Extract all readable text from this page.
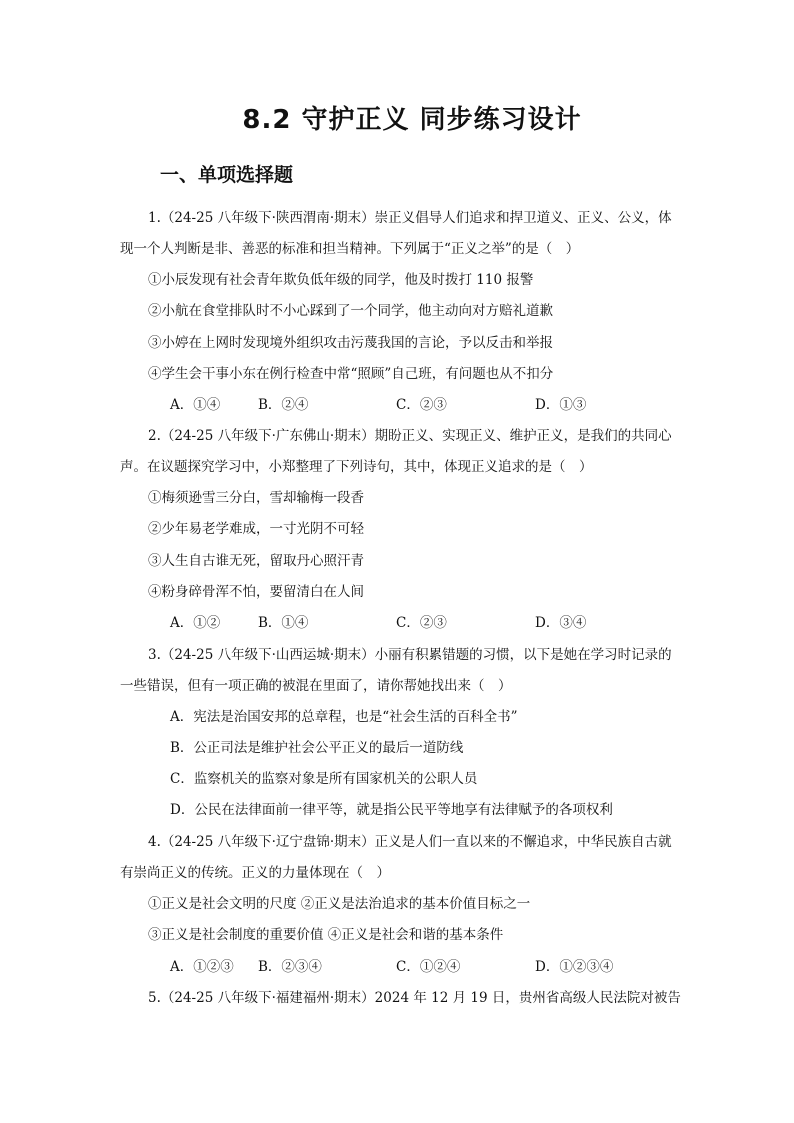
8.2 守护正义 同步练习设计
一、单项选择题
1.（24-25 八年级下·陕西渭南·期末）崇正义倡导人们追求和捍卫道义、正义、公义，体
现一个人判断是非、善恶的标准和担当精神。下列属于“正义之举”的是（　）
①小辰发现有社会青年欺负低年级的同学，他及时拨打 110 报警
②小航在食堂排队时不小心踩到了一个同学，他主动向对方赔礼道歉
③小婷在上网时发现境外组织攻击污蔑我国的言论，予以反击和举报
④学生会干事小东在例行检查中常“照顾”自己班，有问题也从不扣分
A．①④	B．②④	C．②③	D．①③
2.（24-25 八年级下·广东佛山·期末）期盼正义、实现正义、维护正义，是我们的共同心
声。在议题探究学习中，小郑整理了下列诗句，其中，体现正义追求的是（　）
①梅须逊雪三分白，雪却输梅一段香
②少年易老学难成，一寸光阴不可轻
③人生自古谁无死，留取丹心照汗青
④粉身碎骨浑不怕，要留清白在人间
A．①②	B．①④	C．②③	D．③④
3.（24-25 八年级下·山西运城·期末）小丽有积累错题的习惯，以下是她在学习时记录的
一些错误，但有一项正确的被混在里面了，请你帮她找出来（　）
A．宪法是治国安邦的总章程，也是“社会生活的百科全书”
B．公正司法是维护社会公平正义的最后一道防线
C．监察机关的监察对象是所有国家机关的公职人员
D．公民在法律面前一律平等，就是指公民平等地享有法律赋予的各项权利
4.（24-25 八年级下·辽宁盘锦·期末）正义是人们一直以来的不懈追求，中华民族自古就
有崇尚正义的传统。正义的力量体现在（　）
①正义是社会文明的尺度 ②正义是法治追求的基本价值目标之一
③正义是社会制度的重要价值 ④正义是社会和谐的基本条件
A．①②③ B．②③④	C．①②④	D．①②③④
5.（24-25 八年级下·福建福州·期末）2024 年 12 月 19 日，贵州省高级人民法院对被告
